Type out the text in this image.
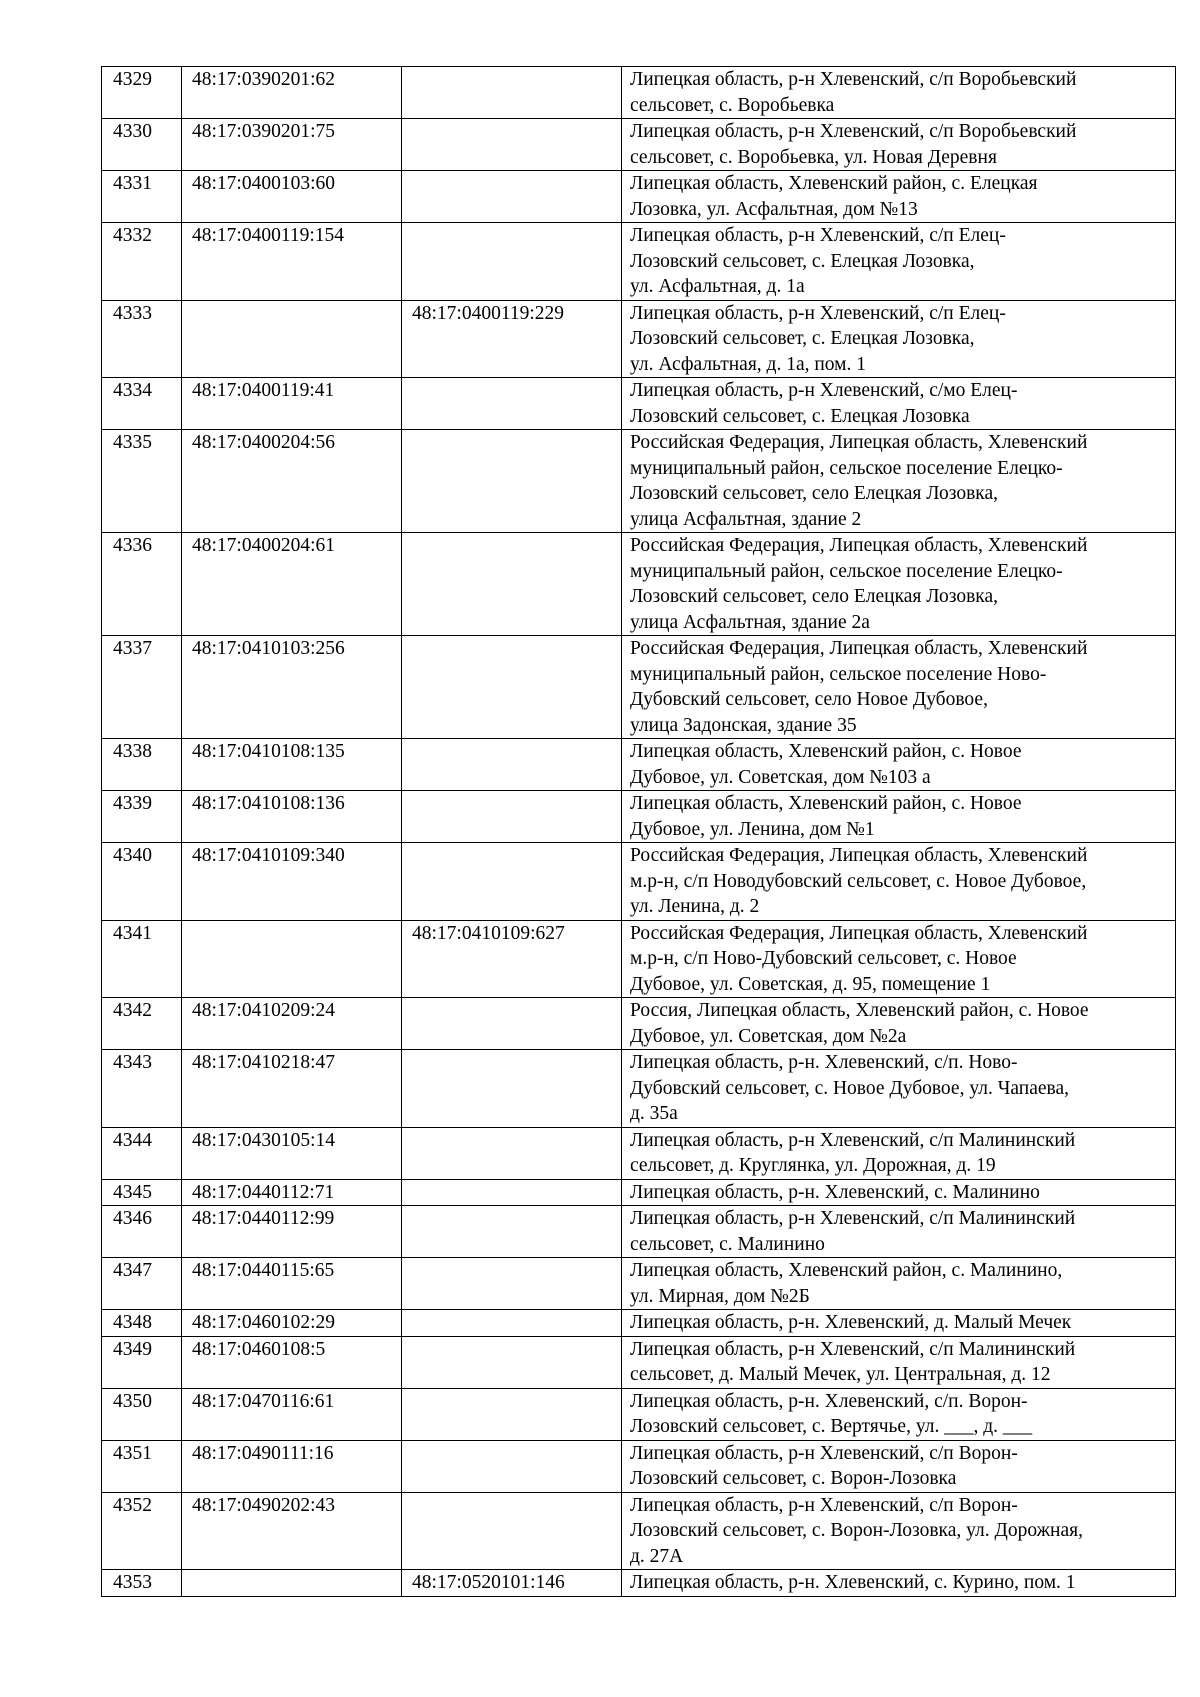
4329	48:17:0390201:62		Липецкая область, р-н Хлевенский, с/п Воробьевский
сельсовет, с. Воробьевка
4330	48:17:0390201:75		Липецкая область, р-н Хлевенский, с/п Воробьевский
сельсовет, с. Воробьевка, ул. Новая Деревня
4331	48:17:0400103:60		Липецкая область, Хлевенский район, с. Елецкая
Лозовка, ул. Асфальтная, дом №13
4332	48:17:0400119:154		Липецкая область, р-н Хлевенский, с/п Елец-
Лозовский сельсовет, с. Елецкая Лозовка,
ул. Асфальтная, д. 1а
4333		48:17:0400119:229	Липецкая область, р-н Хлевенский, с/п Елец-
Лозовский сельсовет, с. Елецкая Лозовка,
ул. Асфальтная, д. 1а, пом. 1
4334	48:17:0400119:41		Липецкая область, р-н Хлевенский, с/мо Елец-
Лозовский сельсовет, с. Елецкая Лозовка
4335	48:17:0400204:56		Российская Федерация, Липецкая область, Хлевенский
муниципальный район, сельское поселение Елецко-
Лозовский сельсовет, село Елецкая Лозовка,
улица Асфальтная, здание 2
4336	48:17:0400204:61		Российская Федерация, Липецкая область, Хлевенский
муниципальный район, сельское поселение Елецко-
Лозовский сельсовет, село Елецкая Лозовка,
улица Асфальтная, здание 2а
4337	48:17:0410103:256		Российская Федерация, Липецкая область, Хлевенский
муниципальный район, сельское поселение Ново-
Дубовский сельсовет, село Новое Дубовое,
улица Задонская, здание 35
4338	48:17:0410108:135		Липецкая область, Хлевенский район, с. Новое
Дубовое, ул. Советская, дом №103 а
4339	48:17:0410108:136		Липецкая область, Хлевенский район, с. Новое
Дубовое, ул. Ленина, дом №1
4340	48:17:0410109:340		Российская Федерация, Липецкая область, Хлевенский
м.р-н, с/п Новодубовский сельсовет, с. Новое Дубовое,
ул. Ленина, д. 2
4341		48:17:0410109:627	Российская Федерация, Липецкая область, Хлевенский
м.р-н, с/п Ново-Дубовский сельсовет, с. Новое
Дубовое, ул. Советская, д. 95, помещение 1
4342	48:17:0410209:24		Россия, Липецкая область, Хлевенский район, с. Новое
Дубовое, ул. Советская, дом №2а
4343	48:17:0410218:47		Липецкая область, р-н. Хлевенский, с/п. Ново-
Дубовский сельсовет, с. Новое Дубовое, ул. Чапаева,
д. 35а
4344	48:17:0430105:14		Липецкая область, р-н Хлевенский, с/п Малининский
сельсовет, д. Круглянка, ул. Дорожная, д. 19
4345	48:17:0440112:71		Липецкая область, р-н. Хлевенский, с. Малинино
4346	48:17:0440112:99		Липецкая область, р-н Хлевенский, с/п Малининский
сельсовет, с. Малинино
4347	48:17:0440115:65		Липецкая область, Хлевенский район, с. Малинино,
ул. Мирная, дом №2Б
4348	48:17:0460102:29		Липецкая область, р-н. Хлевенский, д. Малый Мечек
4349	48:17:0460108:5		Липецкая область, р-н Хлевенский, с/п Малининский
сельсовет, д. Малый Мечек, ул. Центральная, д. 12
4350	48:17:0470116:61		Липецкая область, р-н. Хлевенский, с/п. Ворон-
Лозовский сельсовет, с. Вертячье, ул. ___, д. ___
4351	48:17:0490111:16		Липецкая область, р-н Хлевенский, с/п Ворон-
Лозовский сельсовет, с. Ворон-Лозовка
4352	48:17:0490202:43		Липецкая область, р-н Хлевенский, с/п Ворон-
Лозовский сельсовет, с. Ворон-Лозовка, ул. Дорожная,
д. 27А
4353		48:17:0520101:146	Липецкая область, р-н. Хлевенский, с. Курино, пом. 1
